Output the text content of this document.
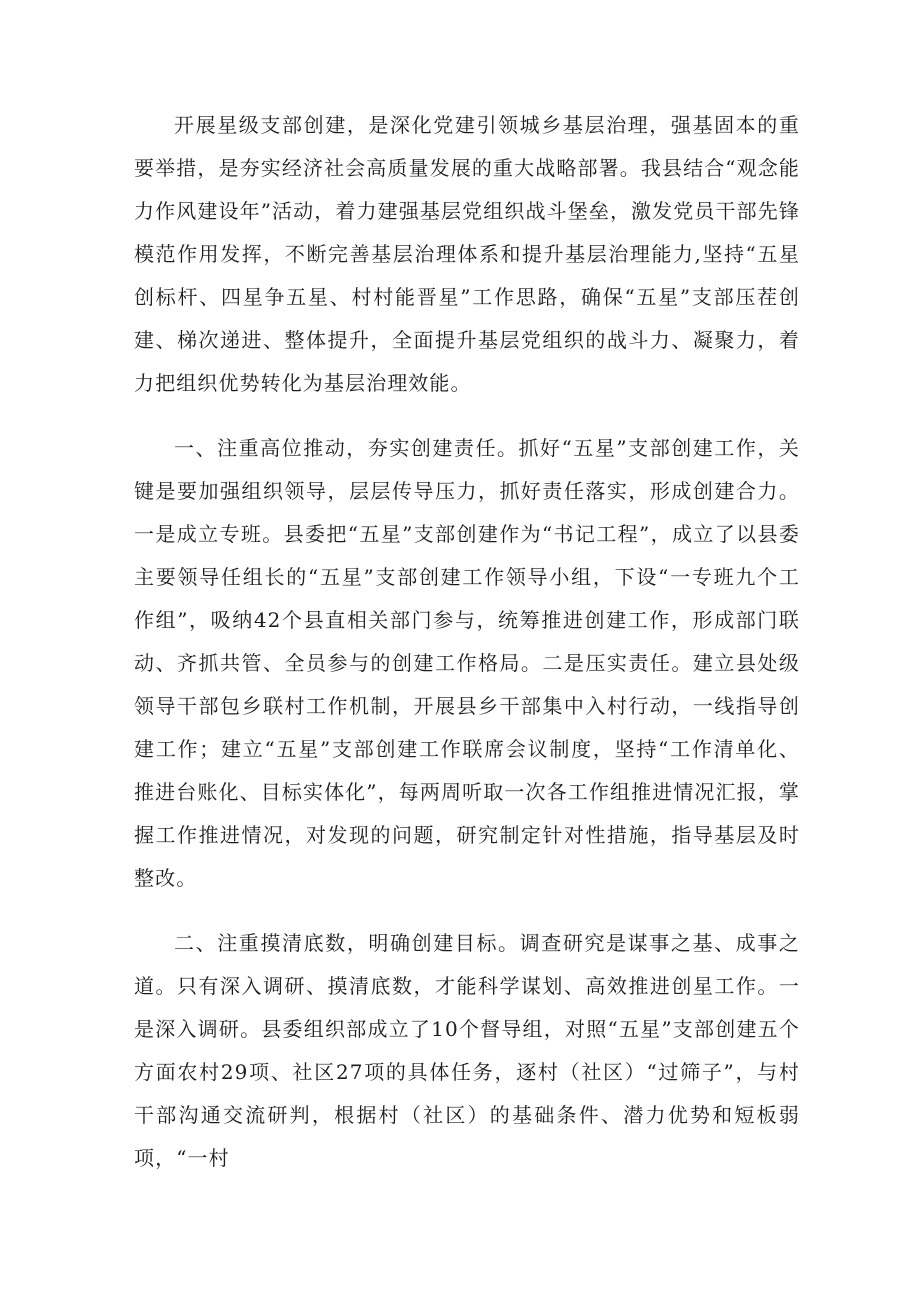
开展星级支部创建，是深化党建引领城乡基层治理，强基固本的重要举措，是夯实经济社会高质量发展的重大战略部署。我县结合“观念能力作风建设年”活动，着力建强基层党组织战斗堡垒，激发党员干部先锋模范作用发挥，不断完善基层治理体系和提升基层治理能力,坚持“五星创标杆、四星争五星、村村能晋星”工作思路，确保“五星”支部压茬创建、梯次递进、整体提升，全面提升基层党组织的战斗力、凝聚力，着力把组织优势转化为基层治理效能。

一、注重高位推动，夯实创建责任。抓好“五星”支部创建工作，关键是要加强组织领导，层层传导压力，抓好责任落实，形成创建合力。一是成立专班。县委把“五星”支部创建作为“书记工程”，成立了以县委主要领导任组长的“五星”支部创建工作领导小组，下设“一专班九个工作组”，吸纳42个县直相关部门参与，统筹推进创建工作，形成部门联动、齐抓共管、全员参与的创建工作格局。二是压实责任。建立县处级领导干部包乡联村工作机制，开展县乡干部集中入村行动，一线指导创建工作；建立“五星”支部创建工作联席会议制度，坚持“工作清单化、推进台账化、目标实体化”，每两周听取一次各工作组推进情况汇报，掌握工作推进情况，对发现的问题，研究制定针对性措施，指导基层及时整改。

二、注重摸清底数，明确创建目标。调查研究是谋事之基、成事之道。只有深入调研、摸清底数，才能科学谋划、高效推进创星工作。一是深入调研。县委组织部成立了10个督导组，对照“五星”支部创建五个方面农村29项、社区27项的具体任务，逐村（社区）“过筛子”，与村干部沟通交流研判，根据村（社区）的基础条件、潜力优势和短板弱项，“一村
